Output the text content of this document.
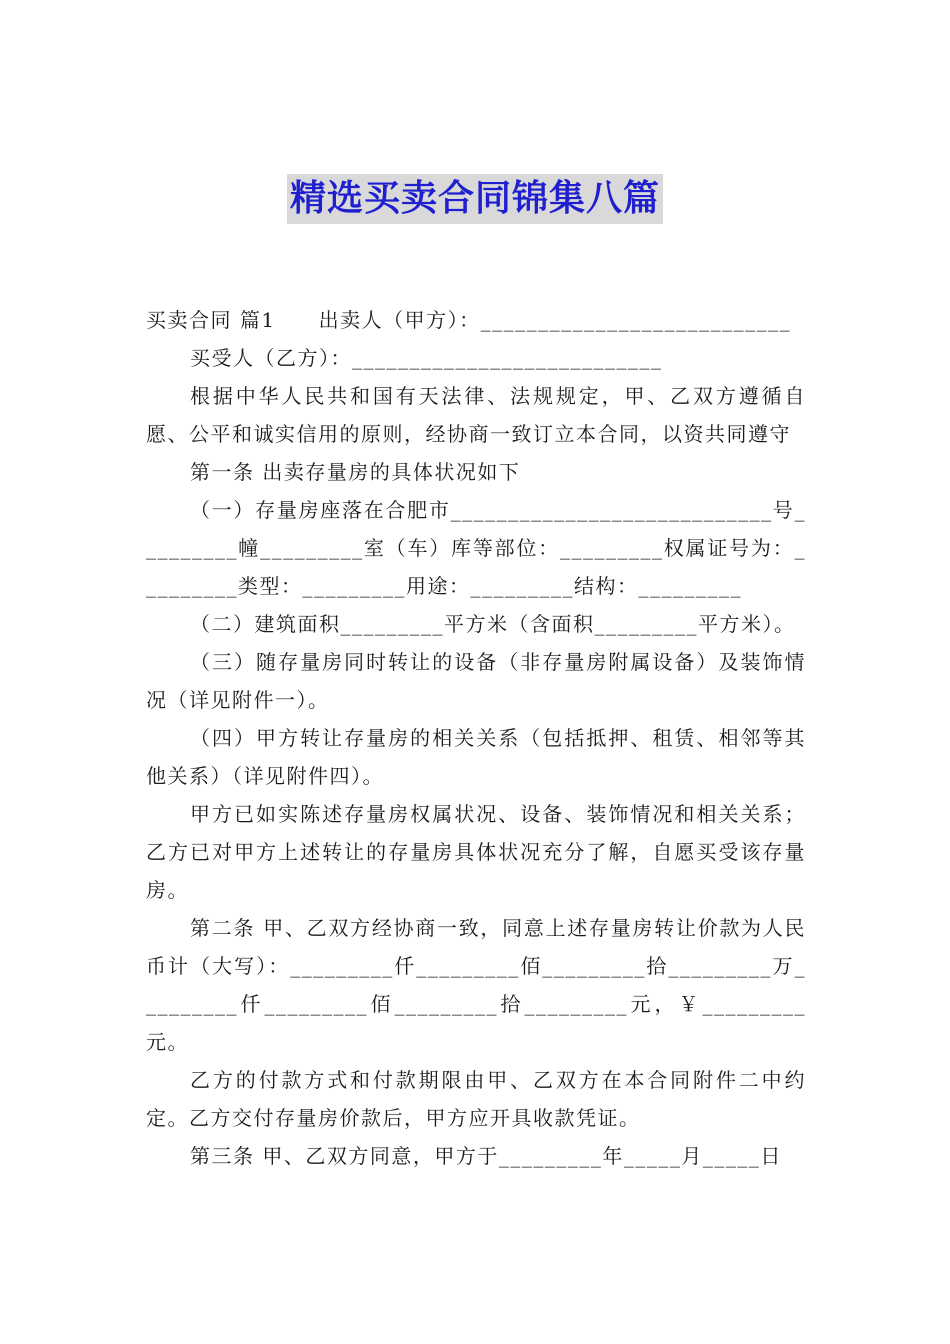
精选买卖合同锦集八篇

买卖合同 篇1　　出卖人（甲方）：___________________________

买受人（乙方）：___________________________

根据中华人民共和国有天法律、法规规定，甲、乙双方遵循自愿、公平和诚实信用的原则，经协商一致订立本合同，以资共同遵守

第一条 出卖存量房的具体状况如下

（一）存量房座落在合肥市____________________________号_________幢_________室（车）库等部位：_________权属证号为：_________类型：_________用途：_________结构：_________

（二）建筑面积_________平方米（含面积_________平方米）。

（三）随存量房同时转让的设备（非存量房附属设备）及装饰情况（详见附件一）。

（四）甲方转让存量房的相关关系（包括抵押、租赁、相邻等其他关系）（详见附件四）。

甲方已如实陈述存量房权属状况、设备、装饰情况和相关关系；乙方已对甲方上述转让的存量房具体状况充分了解，自愿买受该存量房。

第二条 甲、乙双方经协商一致，同意上述存量房转让价款为人民币计（大写）：_________仟_________佰_________拾_________万_________仟_________佰_________拾_________元，￥_________元。

乙方的付款方式和付款期限由甲、乙双方在本合同附件二中约定。乙方交付存量房价款后，甲方应开具收款凭证。

第三条 甲、乙双方同意，甲方于_________年_____月_____日
